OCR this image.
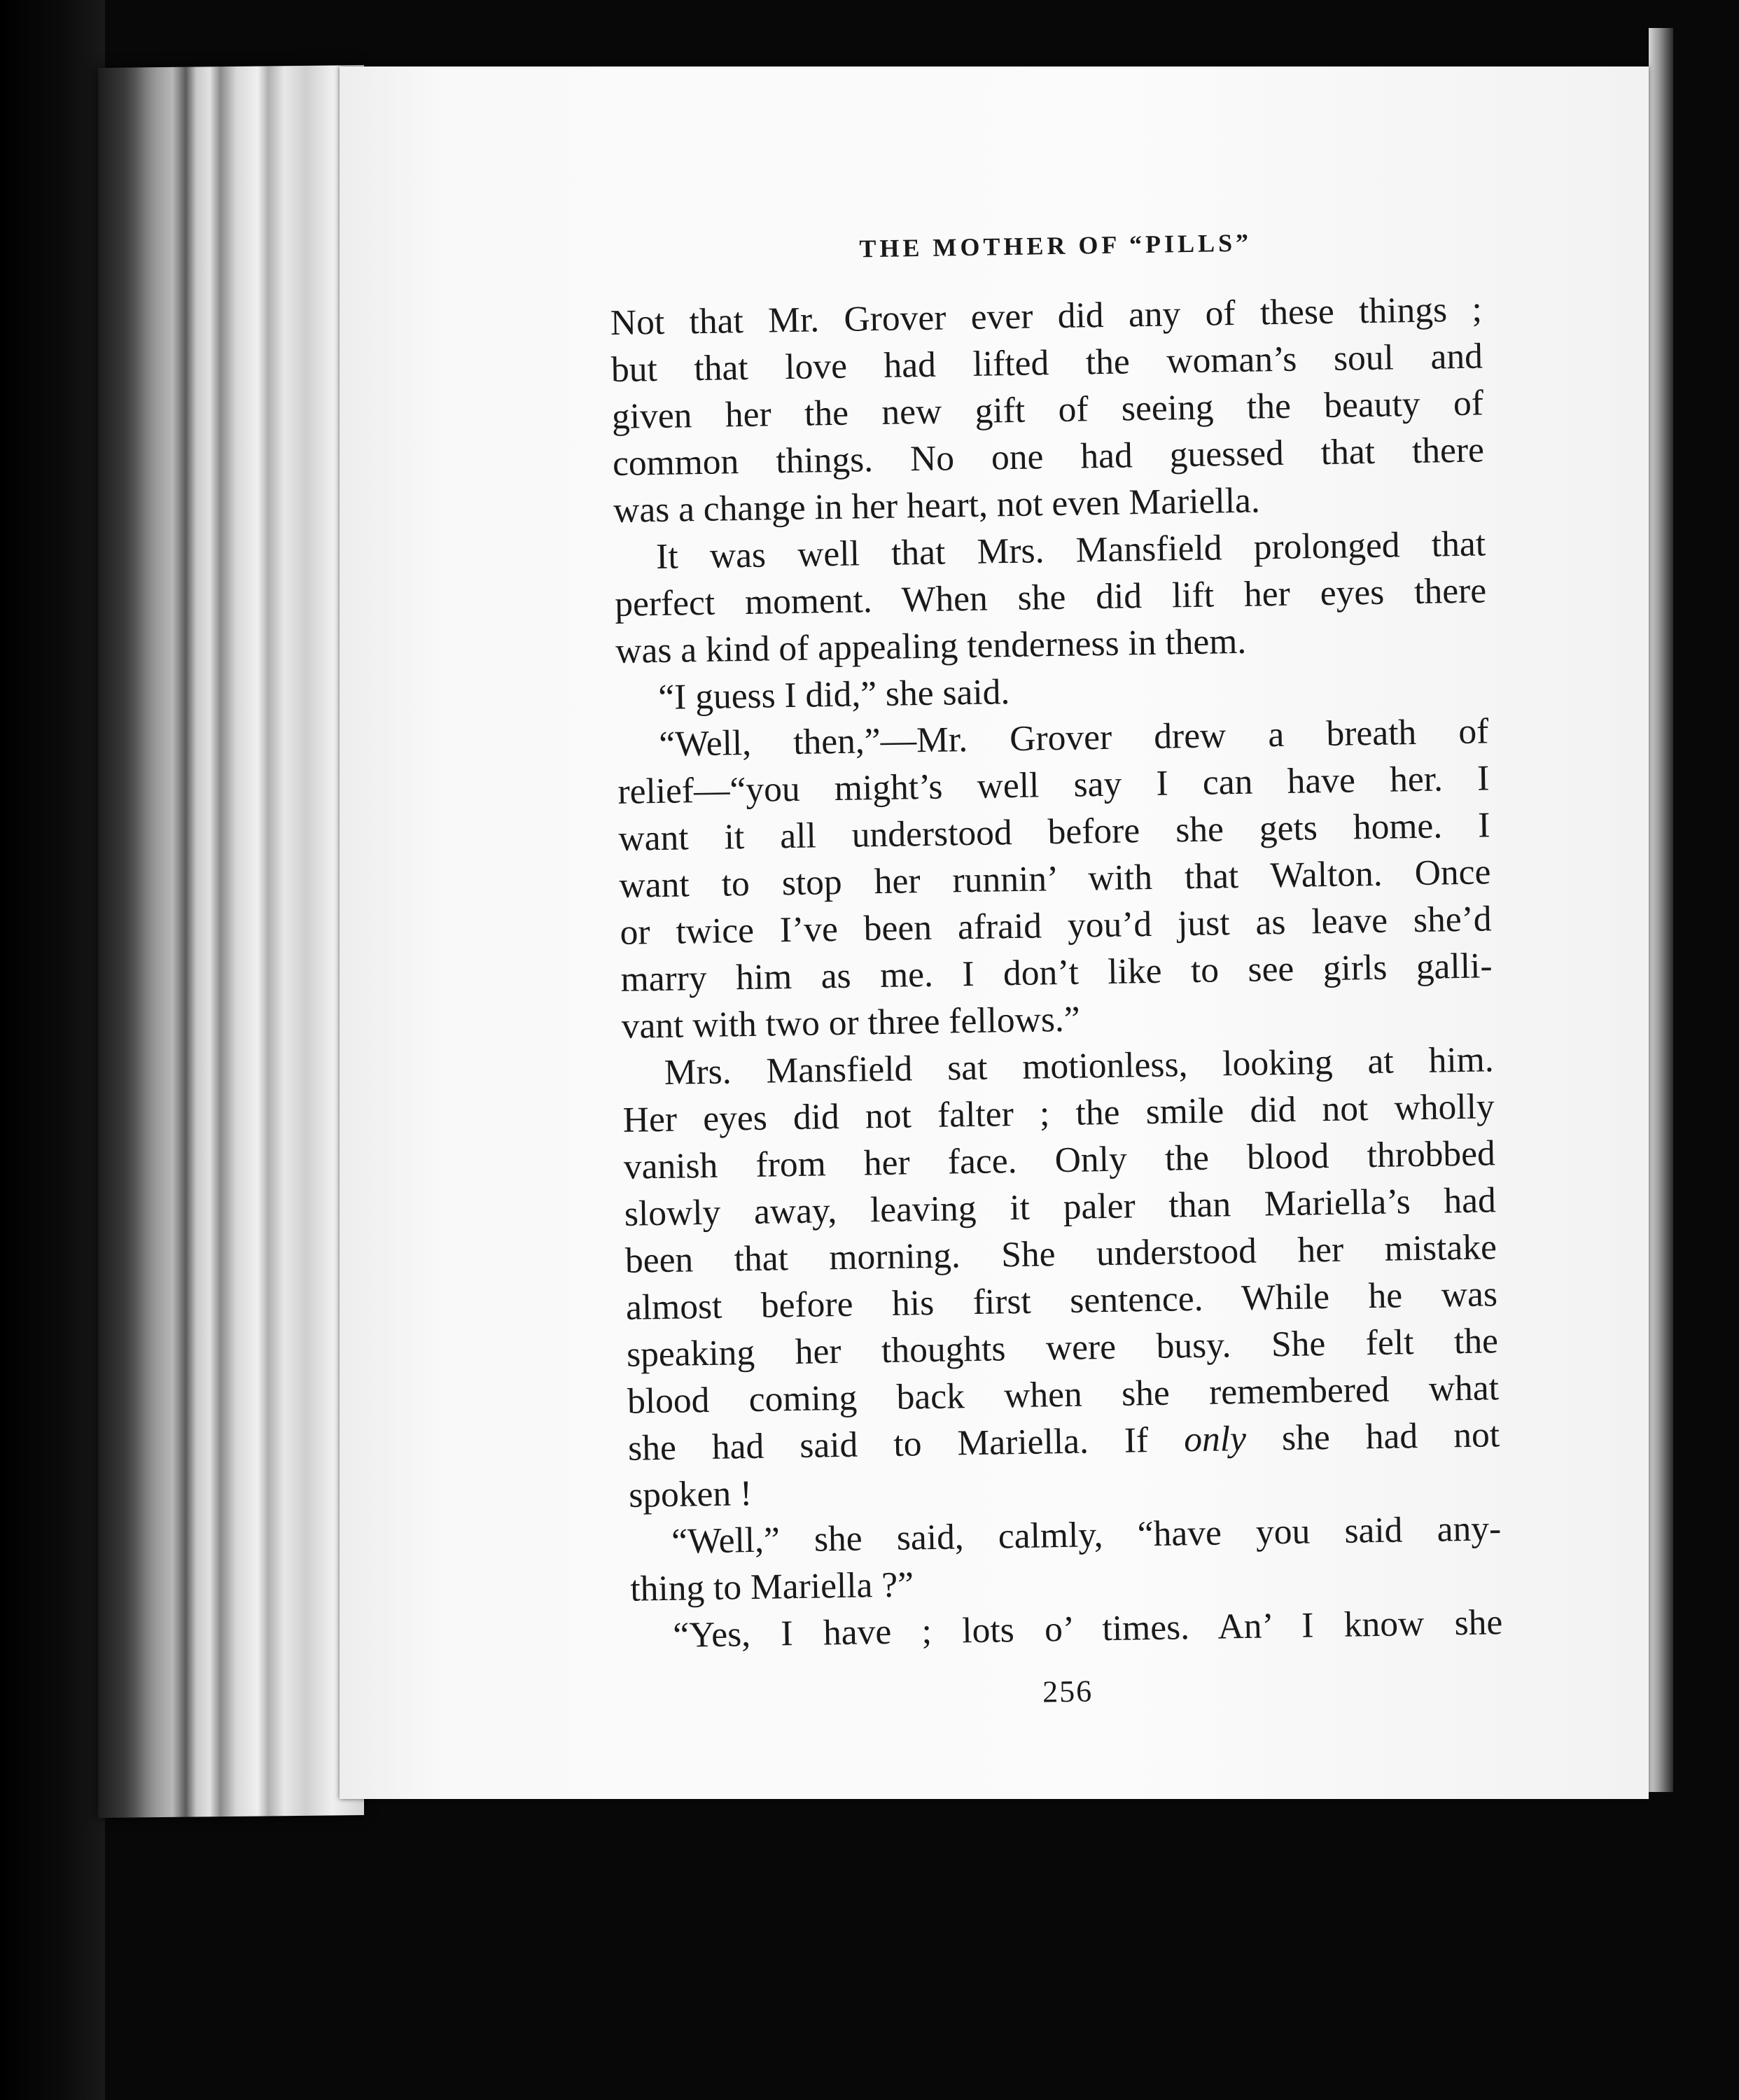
THE MOTHER OF “PILLS”
Not that Mr. Grover ever did any of these things ;
but that love had lifted the woman’s soul and
given her the new gift of seeing the beauty of
common things. No one had guessed that there
was a change in her heart, not even Mariella.
It was well that Mrs. Mansfield prolonged that
perfect moment. When she did lift her eyes there
was a kind of appealing tenderness in them.
“I guess I did,” she said.
“Well, then,”—Mr. Grover drew a breath of
relief—“you might’s well say I can have her. I
want it all understood before she gets home. I
want to stop her runnin’ with that Walton. Once
or twice I’ve been afraid you’d just as leave she’d
marry him as me. I don’t like to see girls galli-
vant with two or three fellows.”
Mrs. Mansfield sat motionless, looking at him.
Her eyes did not falter ; the smile did not wholly
vanish from her face. Only the blood throbbed
slowly away, leaving it paler than Mariella’s had
been that morning. She understood her mistake
almost before his first sentence. While he was
speaking her thoughts were busy. She felt the
blood coming back when she remembered what
she had said to Mariella. If only she had not
spoken !
“Well,” she said, calmly, “have you said any-
thing to Mariella ?”
“Yes, I have ; lots o’ times. An’ I know she
256
